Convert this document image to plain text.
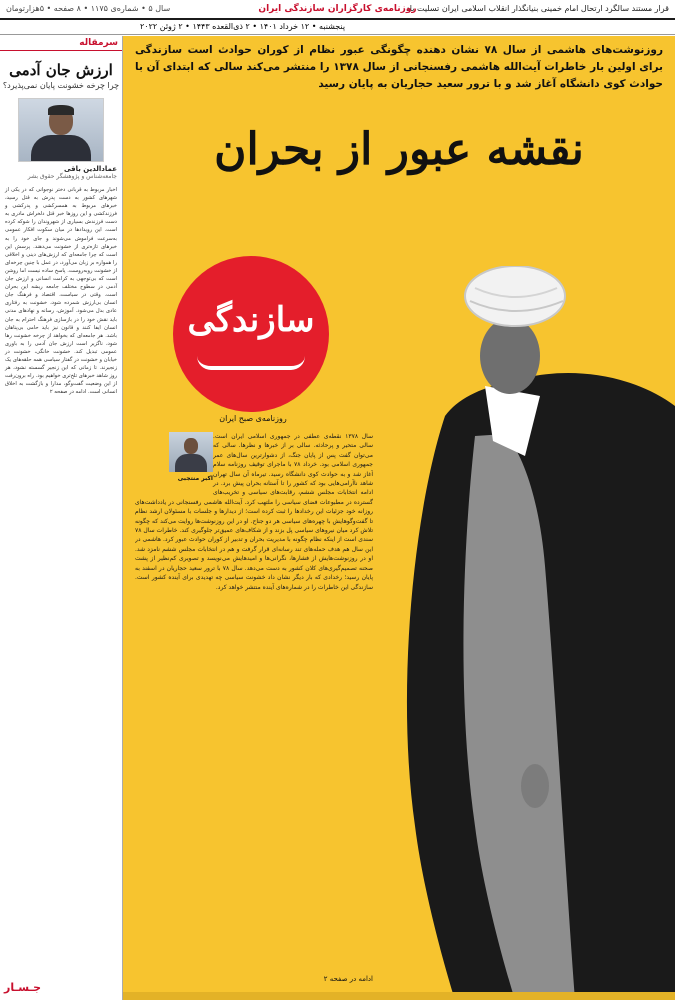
قرار مستند سالگرد ارتحال امام خمینی بنیانگذار انقلاب اسلامی ایران تسلیت باد
روزنامه‌ی کارگزاران سازندگی ایران
سال ۵ • شماره‌ی ۱۱۷۵ • ۸ صفحه • ۵هزارتومان
پنجشنبه • ۱۲ خرداد ۱۴۰۱ • ۲ ذی‌القعده ۱۴۴۳ • ۲ ژوئن ۲۰۲۲
سرمقاله
ارزش جان آدمی
چرا چرخه خشونت پایان نمی‌پذیرد؟
عمادالدین باقی
جامعه‌شناس و پژوهشگر حقوق بشر
اخبار مربوط به قربانی دختر نوجوانی که در یکی از شهرهای کشور به دست پدرش به قتل رسید، خبرهای مربوط به همسرکشی و پدرکشی و فرزندکشی و این روزها خبر قتل دلخراش مادری به دست فرزندش بسیاری از شهروندان را شوکه کرده است. این رویدادها در میان سکوت افکار عمومی به‌سرعت فراموش می‌شوند و جای خود را به خبرهای تازه‌تری از خشونت می‌دهند. پرسش این است که چرا جامعه‌ای که ارزش‌های دینی و اخلاقی را همواره بر زبان می‌آورد، در عمل با چنین چرخه‌ای از خشونت روبه‌روست. پاسخ ساده نیست اما روشن است که بی‌توجهی به کرامت انسانی و ارزش جان آدمی در سطوح مختلف جامعه ریشه این بحران است. وقتی در سیاست، اقتصاد و فرهنگ جان انسان بی‌ارزش شمرده شود، خشونت به رفتاری عادی بدل می‌شود. آموزش، رسانه و نهادهای مدنی باید نقش خود را در بازسازی فرهنگ احترام به جان انسان ایفا کنند و قانون نیز باید حامی بی‌پناهان باشد. هر جامعه‌ای که بخواهد از چرخه خشونت رها شود، ناگزیر است ارزش جان آدمی را به باوری عمومی تبدیل کند. خشونت خانگی، خشونت در خیابان و خشونت در گفتار سیاسی همه حلقه‌های یک زنجیرند. تا زمانی که این زنجیر گسسته نشود، هر روز شاهد خبرهای تلخ‌تری خواهیم بود. راه برون‌رفت از این وضعیت گفت‌وگو، مدارا و بازگشت به اخلاق انسانی است. ادامه در صفحه ۲
جـسـار
روزنوشت‌های هاشمی از سال ۷۸ نشان دهنده چگونگی عبور نظام از کوران حوادث است سازندگی برای اولین بار خاطرات آیت‌الله هاشمی رفسنجانی از سال ۱۳۷۸ را منتشر می‌کند سالی که ابتدای آن با حوادث کوی دانشگاه آغاز شد و با ترور سعید حجاریان به پایان رسید
نقشه عبور از بحران
سازندگی
روزنامه‌ی صبح ایران
اکبر منتجبی
سال ۱۳۷۸ نقطه‌ی عطفی در جمهوری اسلامی ایران است. سالی متحیر و پرحادثه. سالی بر از خبرها و نظرها. سالی که می‌توان گفت پس از پایان جنگ، از دشوارترین سال‌های عمر جمهوری اسلامی بود. خرداد ۷۸ با ماجرای توقیف روزنامه سلام آغاز شد و به حوادث کوی دانشگاه رسید. تیرماه آن سال تهران شاهد ناآرامی‌هایی بود که کشور را تا آستانه بحران پیش برد. در ادامه انتخابات مجلس ششم، رقابت‌های سیاسی و تخریب‌های گسترده در مطبوعات فضای سیاسی را ملتهب کرد. آیت‌الله هاشمی رفسنجانی در یادداشت‌های روزانه خود جزئیات این رخدادها را ثبت کرده است؛ از دیدارها و جلسات با مسئولان ارشد نظام تا گفت‌وگوهایش با چهره‌های سیاسی هر دو جناح. او در این روزنوشت‌ها روایت می‌کند که چگونه تلاش کرد میان نیروهای سیاسی پل بزند و از شکاف‌های عمیق‌تر جلوگیری کند. خاطرات سال ۷۸ سندی است از اینکه نظام چگونه با مدیریت بحران و تدبیر از کوران حوادث عبور کرد. هاشمی در این سال هم هدف حمله‌های تند رسانه‌ای قرار گرفت و هم در انتخابات مجلس ششم نامزد شد. او در روزنوشت‌هایش از فشارها، نگرانی‌ها و امیدهایش می‌نویسد و تصویری کم‌نظیر از پشت صحنه تصمیم‌گیری‌های کلان کشور به دست می‌دهد. سال ۷۸ با ترور سعید حجاریان در اسفند به پایان رسید؛ رخدادی که بار دیگر نشان داد خشونت سیاسی چه تهدیدی برای آینده کشور است. سازندگی این خاطرات را در شماره‌های آینده منتشر خواهد کرد.
ادامه در صفحه ۲
